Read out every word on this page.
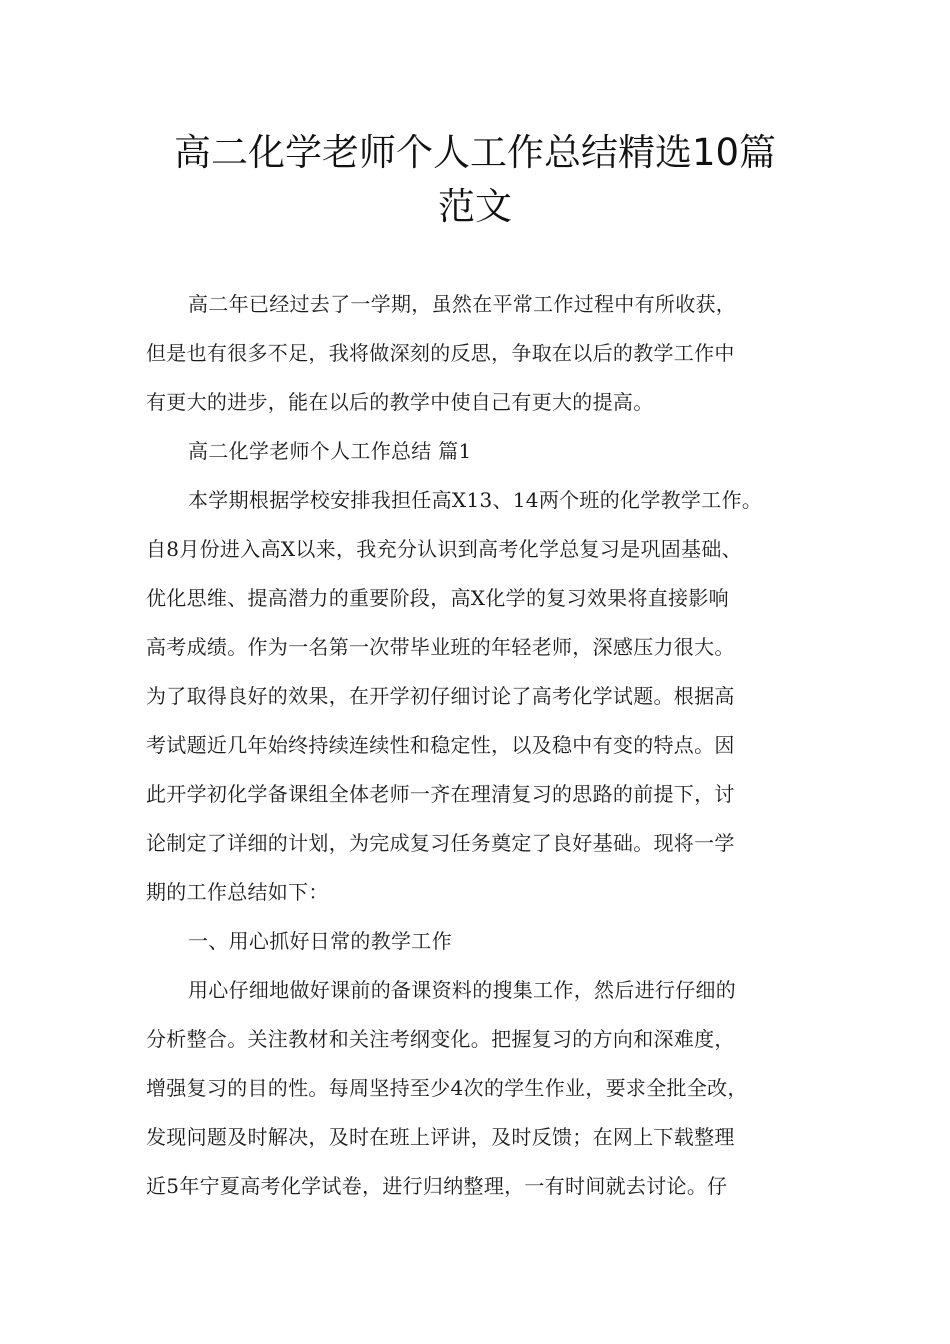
高二化学老师个人工作总结精选10篇
范文
高二年已经过去了一学期，虽然在平常工作过程中有所收获，
但是也有很多不足，我将做深刻的反思，争取在以后的教学工作中
有更大的进步，能在以后的教学中使自己有更大的提高。
高二化学老师个人工作总结 篇1
本学期根据学校安排我担任高X13、14两个班的化学教学工作。
自8月份进入高X以来，我充分认识到高考化学总复习是巩固基础、
优化思维、提高潜力的重要阶段，高X化学的复习效果将直接影响
高考成绩。作为一名第一次带毕业班的年轻老师，深感压力很大。
为了取得良好的效果，在开学初仔细讨论了高考化学试题。根据高
考试题近几年始终持续连续性和稳定性，以及稳中有变的特点。因
此开学初化学备课组全体老师一齐在理清复习的思路的前提下，讨
论制定了详细的计划，为完成复习任务奠定了良好基础。现将一学
期的工作总结如下：
一、用心抓好日常的教学工作
用心仔细地做好课前的备课资料的搜集工作，然后进行仔细的
分析整合。关注教材和关注考纲变化。把握复习的方向和深难度，
增强复习的目的性。每周坚持至少4次的学生作业，要求全批全改，
发现问题及时解决，及时在班上评讲，及时反馈；在网上下载整理
近5年宁夏高考化学试卷，进行归纳整理，一有时间就去讨论。仔
